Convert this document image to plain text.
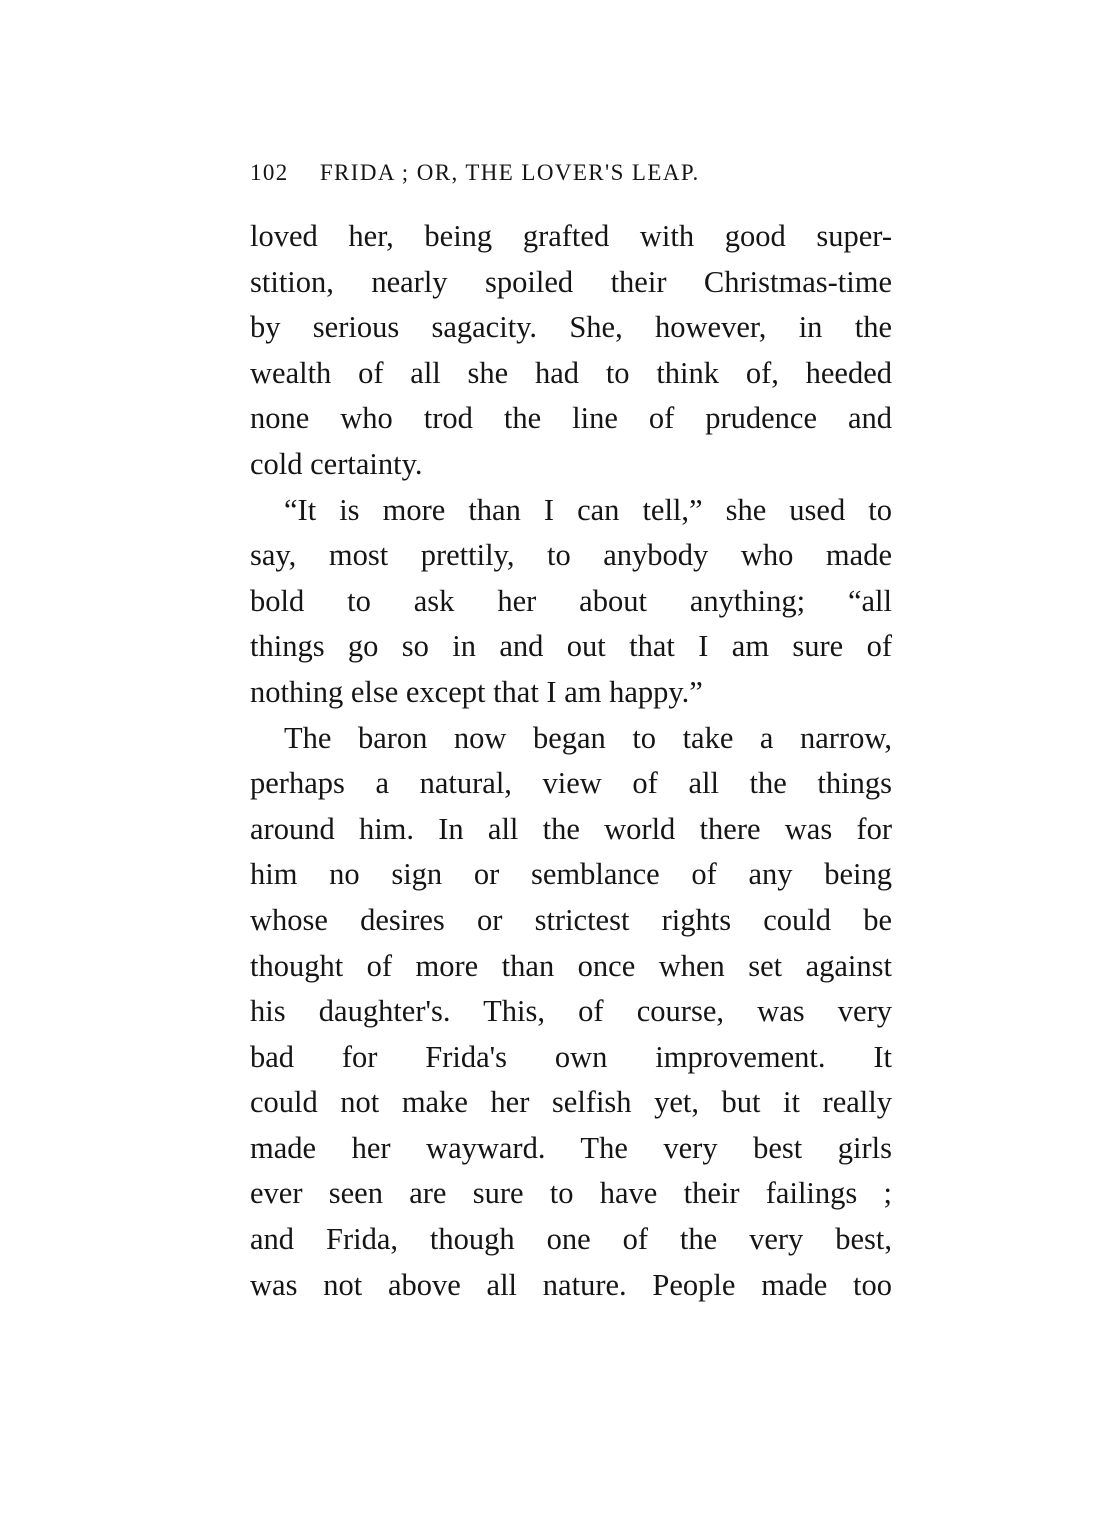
102 FRIDA ; OR, THE LOVER'S LEAP.
loved her, being grafted with good super-
stition, nearly spoiled their Christmas-time
by serious sagacity. She, however, in the
wealth of all she had to think of, heeded
none who trod the line of prudence and
cold certainty.
“It is more than I can tell,” she used to
say, most prettily, to anybody who made
bold to ask her about anything; “all
things go so in and out that I am sure of
nothing else except that I am happy.”
The baron now began to take a narrow,
perhaps a natural, view of all the things
around him. In all the world there was for
him no sign or semblance of any being
whose desires or strictest rights could be
thought of more than once when set against
his daughter's. This, of course, was very
bad for Frida's own improvement. It
could not make her selfish yet, but it really
made her wayward. The very best girls
ever seen are sure to have their failings ;
and Frida, though one of the very best,
was not above all nature. People made too
